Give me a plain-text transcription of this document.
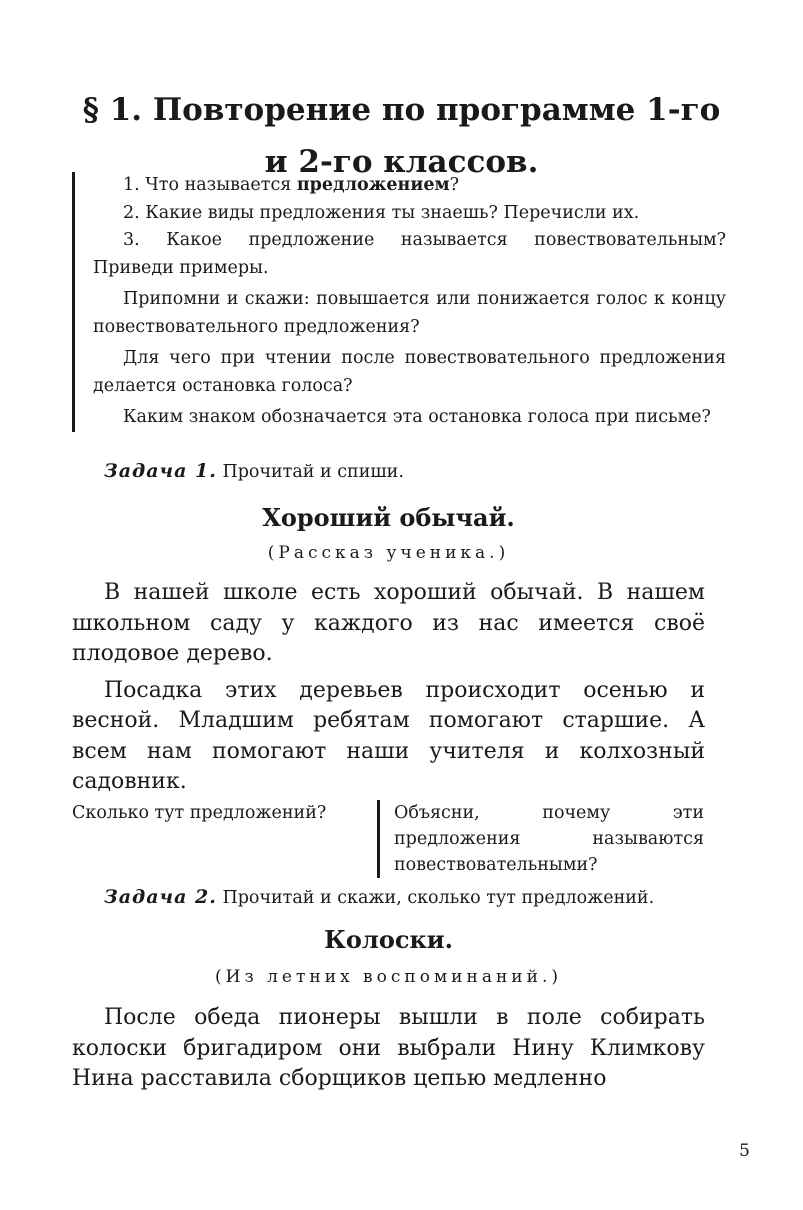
§ 1. Повторение по программе 1-го
и 2-го классов.

1. Что называется предложением?

2. Какие виды предложения ты знаешь? Перечисли их.

3. Какое предложение называется повествовательным? Приведи примеры.

Припомни и скажи: повышается или понижается голос к концу повествовательного предложения?

Для чего при чтении после повествовательного предложения делается остановка голоса?

Каким знаком обозначается эта остановка голоса при письме?

Задача 1. Прочитай и спиши.

Хороший обычай.

(Рассказ ученика.)

В нашей школе есть хороший обычай. В нашем школьном саду у каждого из нас имеется своё плодовое дерево.

Посадка этих деревьев происходит осенью и весной. Младшим ребятам помогают старшие. А всем нам помогают наши учителя и колхозный садовник.

Сколько тут предложений?	Объясни, почему эти предложения называются повествовательными?

Задача 2. Прочитай и скажи, сколько тут предложений.

Колоски.

(Из летних воспоминаний.)

После обеда пионеры вышли в поле собирать колоски бригадиром они выбрали Нину Климкову Нина расставила сборщиков цепью медленно

5
